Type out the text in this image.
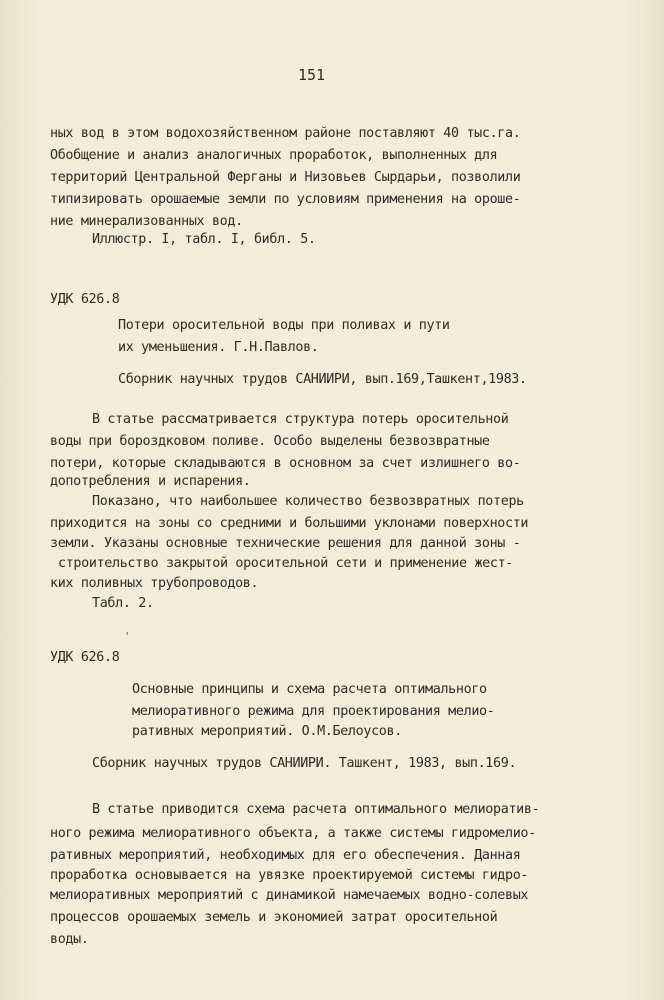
151
ных вод в этом водохозяйственном районе поставляют 40 тыс.га.
Обобщение и анализ аналогичных проработок, выполненных для
территорий Центральной Ферганы и Низовьев Сырдарьи, позволили
типизировать орошаемые земли по условиям применения на ороше-
ние минерализованных вод.
Иллюстр. I, табл. I, библ. 5.
УДК 626.8
Потери оросительной воды при поливах и пути
их уменьшения. Г.Н.Павлов.
Сборник научных трудов САНИИРИ, вып.169,Ташкент,1983.
В статье рассматривается структура потерь оросительной
воды при бороздковом поливе. Особо выделены безвозвратные
потери, которые складываются в основном за счет излишнего во-
допотребления и испарения.
Показано, что наибольшее количество безвозвратных потерь
приходится на зоны со средними и большими уклонами поверхности
земли. Указаны основные технические решения для данной зоны -
строительство закрытой оросительной сети и применение жест-
ких поливных трубопроводов.
Табл. 2.
'
УДК 626.8
Основные принципы и схема расчета оптимального
мелиоративного режима для проектирования мелио-
ративных мероприятий. О.М.Белоусов.
Сборник научных трудов САНИИРИ. Ташкент, 1983, вып.169.
В статье приводится схема расчета оптимального мелиоратив-
ного режима мелиоративного объекта, а также системы гидромелио-
ративных мероприятий, необходимых для его обеспечения. Данная
проработка основывается на увязке проектируемой системы гидро-
мелиоративных мероприятий с динамикой намечаемых водно-солевых
процессов орошаемых земель и экономией затрат оросительной
воды.
